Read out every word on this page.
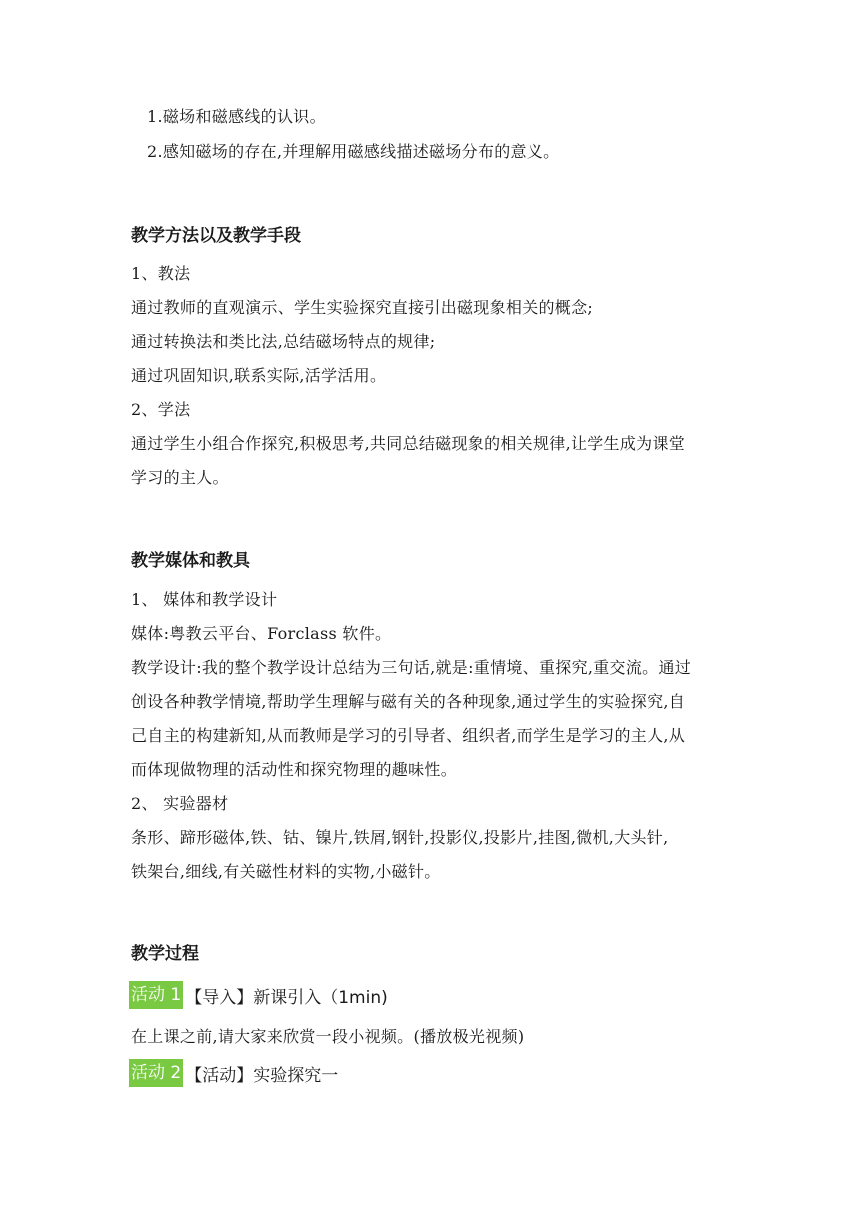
1.磁场和磁感线的认识。
2.感知磁场的存在,并理解用磁感线描述磁场分布的意义。
教学方法以及教学手段
1、教法
通过教师的直观演示、学生实验探究直接引出磁现象相关的概念;
通过转换法和类比法,总结磁场特点的规律;
通过巩固知识,联系实际,活学活用。
2、学法
通过学生小组合作探究,积极思考,共同总结磁现象的相关规律,让学生成为课堂
学习的主人。
教学媒体和教具
1、 媒体和教学设计
媒体:粤教云平台、Forclass 软件。
教学设计:我的整个教学设计总结为三句话,就是:重情境、重探究,重交流。通过
创设各种教学情境,帮助学生理解与磁有关的各种现象,通过学生的实验探究,自
己自主的构建新知,从而教师是学习的引导者、组织者,而学生是学习的主人,从
而体现做物理的活动性和探究物理的趣味性。
2、 实验器材
条形、蹄形磁体,铁、钴、镍片,铁屑,钢针,投影仪,投影片,挂图,微机,大头针,
铁架台,细线,有关磁性材料的实物,小磁针。
教学过程
活动 1 【导入】新课引入（1min)
在上课之前,请大家来欣赏一段小视频。(播放极光视频)
活动 2 【活动】实验探究一
